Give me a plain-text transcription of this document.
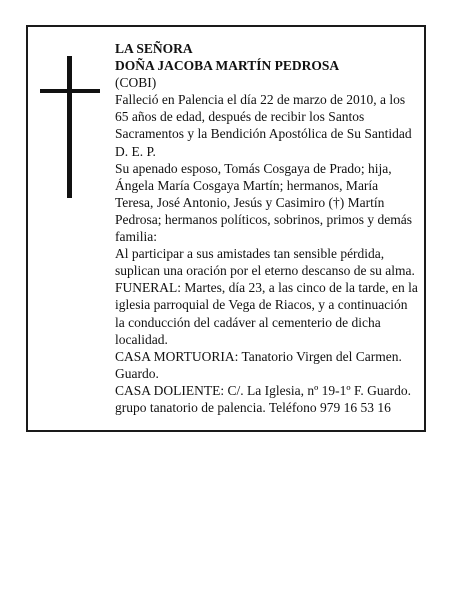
LA SEÑORA
DOÑA JACOBA MARTÍN PEDROSA
(COBI)

Falleció en Palencia el día 22 de marzo de 2010, a los
65 años de edad, después de recibir los Santos
Sacramentos y la Bendición Apostólica de Su Santidad
D. E. P.

Su apenado esposo, Tomás Cosgaya de Prado; hija,
Ángela María Cosgaya Martín; hermanos, María
Teresa, José Antonio, Jesús y Casimiro (†) Martín
Pedrosa; hermanos políticos, sobrinos, primos y demás
familia:

Al participar a sus amistades tan sensible pérdida,
suplican una oración por el eterno descanso de su alma.

FUNERAL: Martes, día 23, a las cinco de la tarde, en la
iglesia parroquial de Vega de Riacos, y a continuación
la conducción del cadáver al cementerio de dicha
localidad.

CASA MORTUORIA: Tanatorio Virgen del Carmen.
Guardo.

CASA DOLIENTE: C/. La Iglesia, nº 19-1º F. Guardo.
grupo tanatorio de palencia. Teléfono 979 16 53 16
